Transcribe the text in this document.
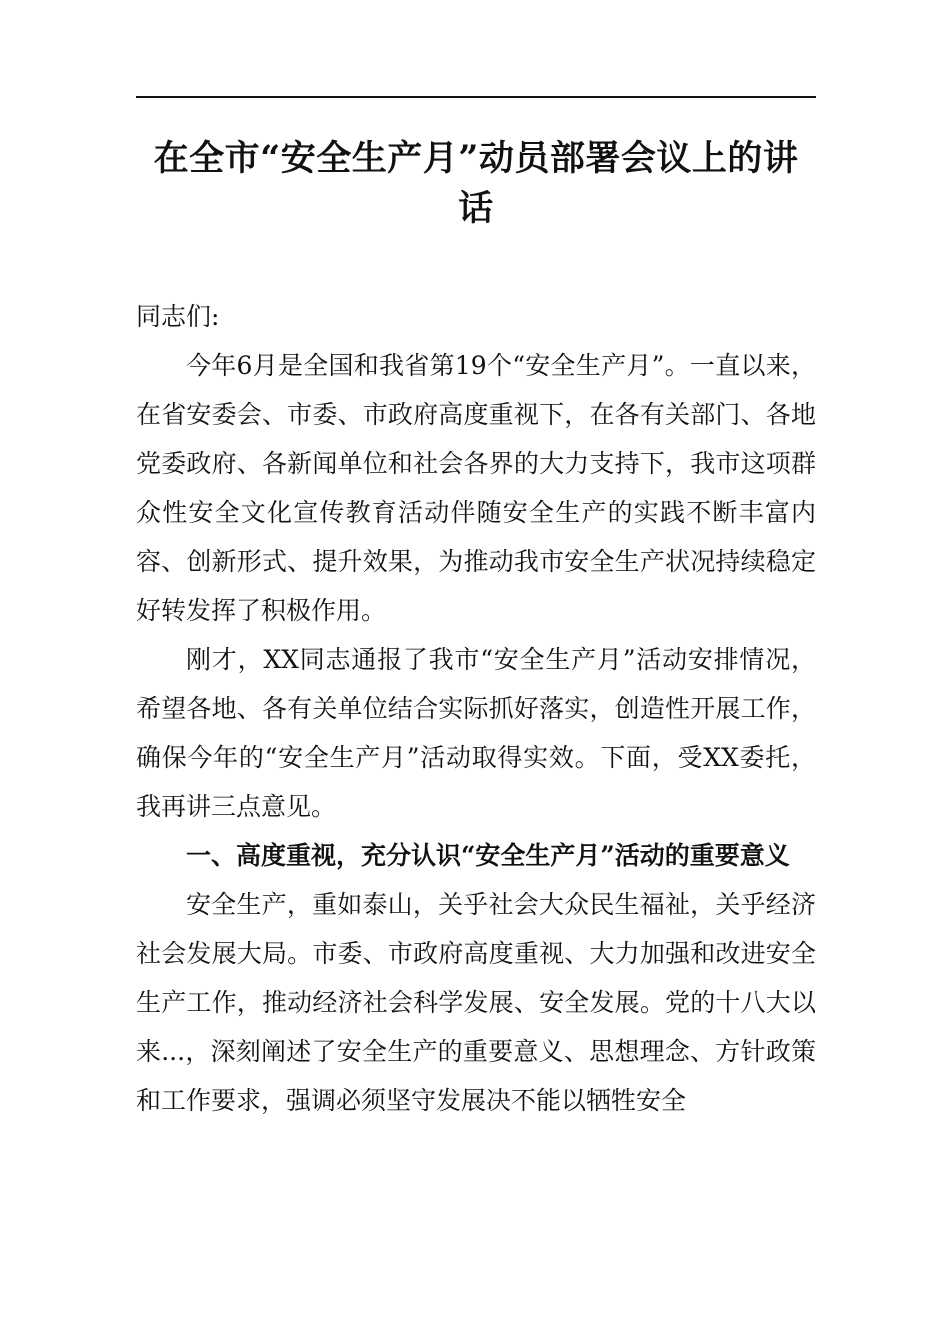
在全市“安全生产月”动员部署会议上的讲话

同志们:

今年6月是全国和我省第19个“安全生产月”。一直以来，在省安委会、市委、市政府高度重视下，在各有关部门、各地党委政府、各新闻单位和社会各界的大力支持下，我市这项群众性安全文化宣传教育活动伴随安全生产的实践不断丰富内容、创新形式、提升效果，为推动我市安全生产状况持续稳定好转发挥了积极作用。

刚才，XX同志通报了我市“安全生产月”活动安排情况，希望各地、各有关单位结合实际抓好落实，创造性开展工作，确保今年的“安全生产月”活动取得实效。下面，受XX委托，我再讲三点意见。

一、高度重视，充分认识“安全生产月”活动的重要意义

安全生产，重如泰山，关乎社会大众民生福祉，关乎经济社会发展大局。市委、市政府高度重视、大力加强和改进安全生产工作，推动经济社会科学发展、安全发展。党的十八大以来...，深刻阐述了安全生产的重要意义、思想理念、方针政策和工作要求，强调必须坚守发展决不能以牺牲安全
